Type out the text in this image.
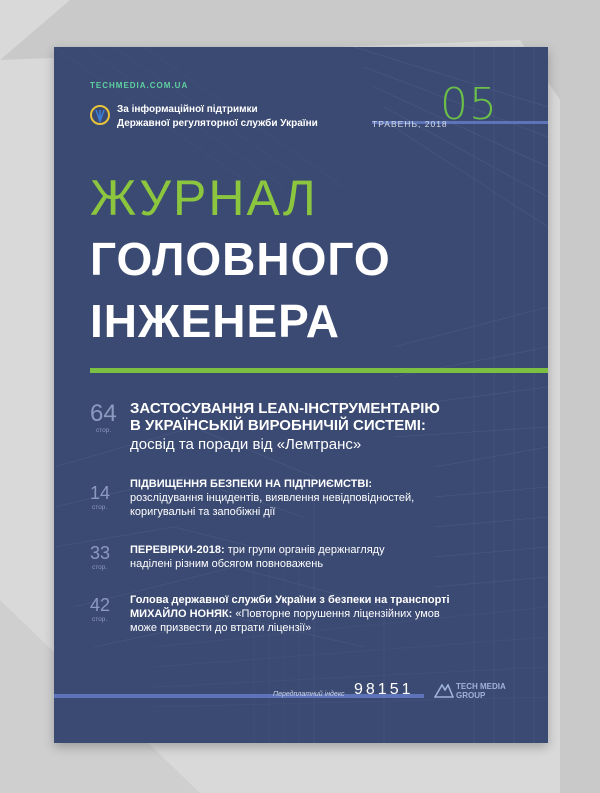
TECHMEDIA.COM.UA
За інформаційної підтримки
Державної регуляторної служби України	ТРАВЕНЬ, 2018
05
ЖУРНАЛ
ГОЛОВНОГО
ІНЖЕНЕРА
64
стор.
ЗАСТОСУВАННЯ LEAN-ІНСТРУМЕНТАРІЮ
В УКРАЇНСЬКІЙ ВИРОБНИЧІЙ СИСТЕМІ:
досвід та поради від «Лемтранс»
14
стор.
ПІДВИЩЕННЯ БЕЗПЕКИ НА ПІДПРИЄМСТВІ:
розслідування інцидентів, виявлення невідповідностей,
коригувальні та запобіжні дії
33
стор.
ПЕРЕВІРКИ-2018: три групи органів держнагляду
наділені різним обсягом повноважень
42
стор.
Голова державної служби України з безпеки на транспорті
МИХАЙЛО НОНЯК: «Повторне порушення ліцензійних умов
може призвести до втрати ліцензії»
Передплатний індекс 98151	TECH MEDIA
GROUP
